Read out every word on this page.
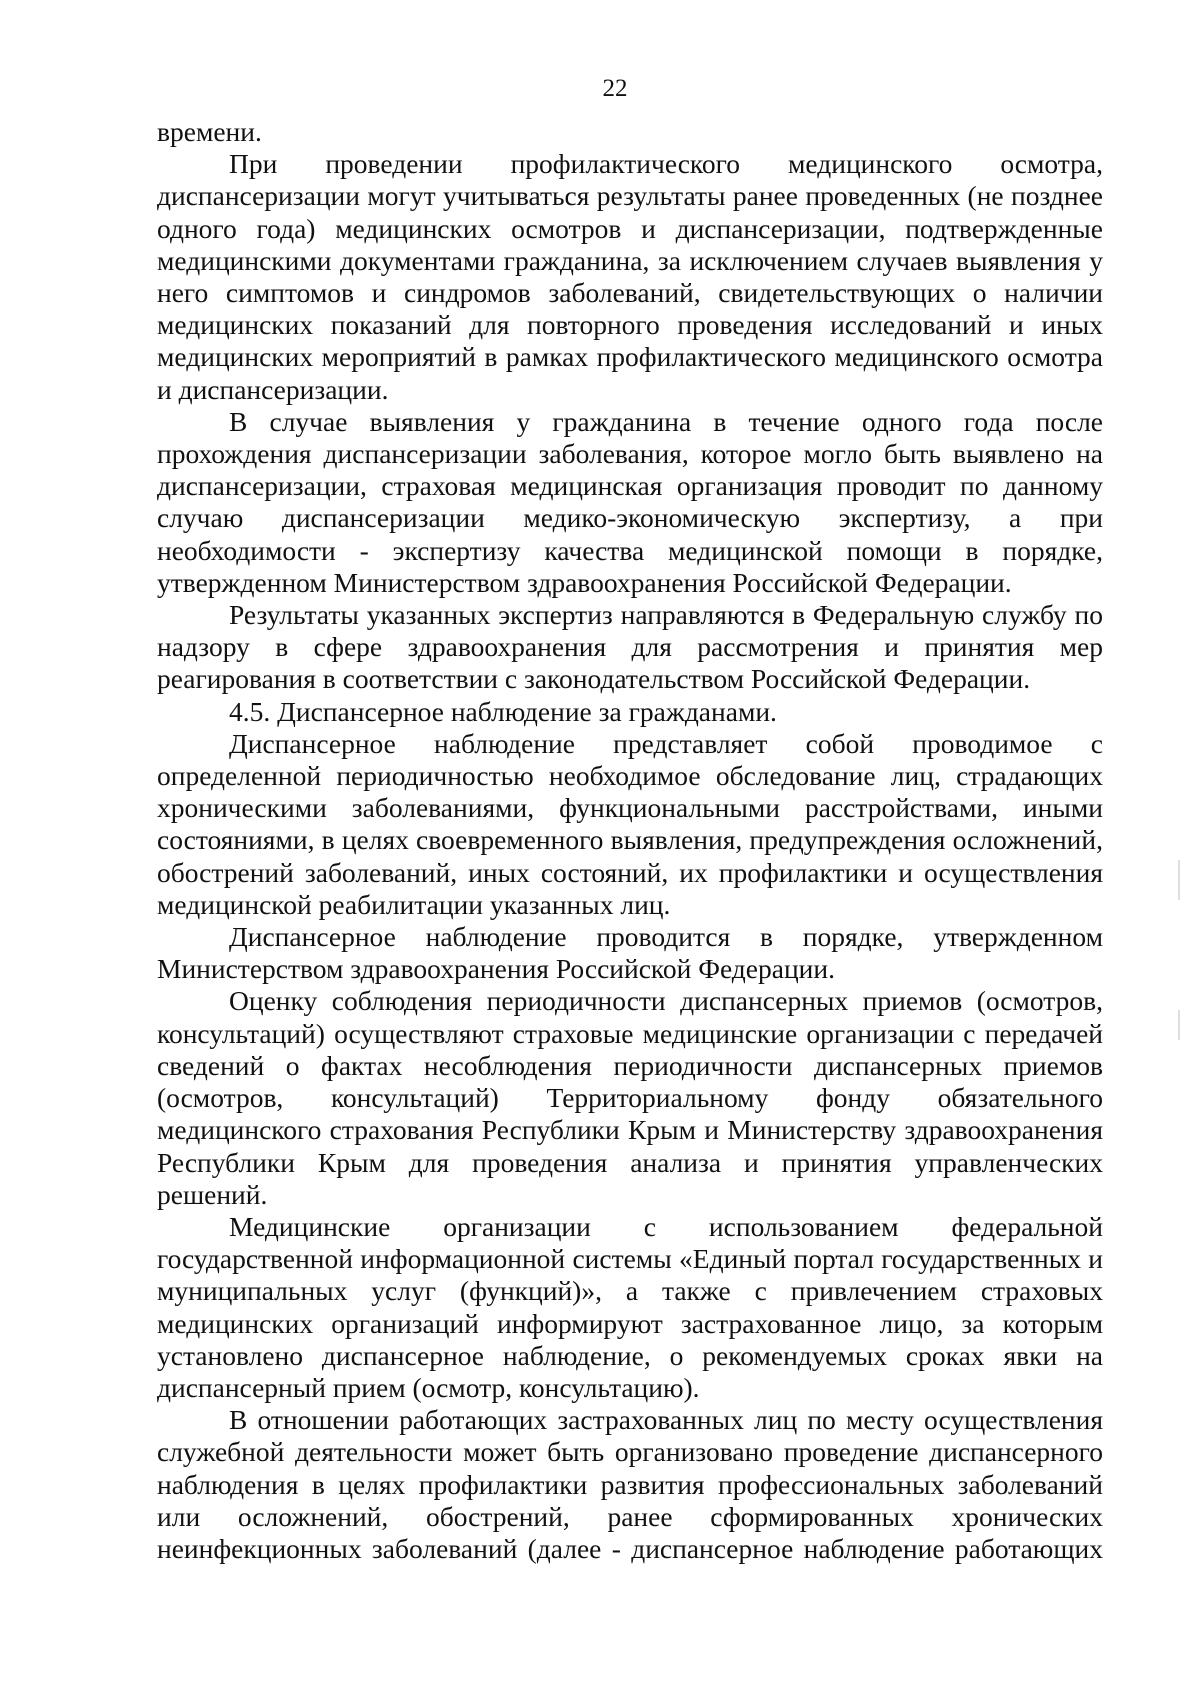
22

времени.

При проведении профилактического медицинского осмотра, диспансеризации могут учитываться результаты ранее проведенных (не позднее одного года) медицинских осмотров и диспансеризации, подтвержденные медицинскими документами гражданина, за исключением случаев выявления у него симптомов и синдромов заболеваний, свидетельствующих о наличии медицинских показаний для повторного проведения исследований и иных медицинских мероприятий в рамках профилактического медицинского осмотра и диспансеризации.

В случае выявления у гражданина в течение одного года после прохождения диспансеризации заболевания, которое могло быть выявлено на диспансеризации, страховая медицинская организация проводит по данному случаю диспансеризации медико-экономическую экспертизу, а при необходимости - экспертизу качества медицинской помощи в порядке, утвержденном Министерством здравоохранения Российской Федерации.

Результаты указанных экспертиз направляются в Федеральную службу по надзору в сфере здравоохранения для рассмотрения и принятия мер реагирования в соответствии с законодательством Российской Федерации.

4.5. Диспансерное наблюдение за гражданами.

Диспансерное наблюдение представляет собой проводимое с определенной периодичностью необходимое обследование лиц, страдающих хроническими заболеваниями, функциональными расстройствами, иными состояниями, в целях своевременного выявления, предупреждения осложнений, обострений заболеваний, иных состояний, их профилактики и осуществления медицинской реабилитации указанных лиц.

Диспансерное наблюдение проводится в порядке, утвержденном Министерством здравоохранения Российской Федерации.

Оценку соблюдения периодичности диспансерных приемов (осмотров, консультаций) осуществляют страховые медицинские организации с передачей сведений о фактах несоблюдения периодичности диспансерных приемов (осмотров, консультаций) Территориальному фонду обязательного медицинского страхования Республики Крым и Министерству здравоохранения Республики Крым для проведения анализа и принятия управленческих решений.

Медицинские организации с использованием федеральной государственной информационной системы «Единый портал государственных и муниципальных услуг (функций)», а также с привлечением страховых медицинских организаций информируют застрахованное лицо, за которым установлено диспансерное наблюдение, о рекомендуемых сроках явки на диспансерный прием (осмотр, консультацию).

В отношении работающих застрахованных лиц по месту осуществления служебной деятельности может быть организовано проведение диспансерного наблюдения в целях профилактики развития профессиональных заболеваний или осложнений, обострений, ранее сформированных хронических неинфекционных заболеваний (далее - диспансерное наблюдение работающих
